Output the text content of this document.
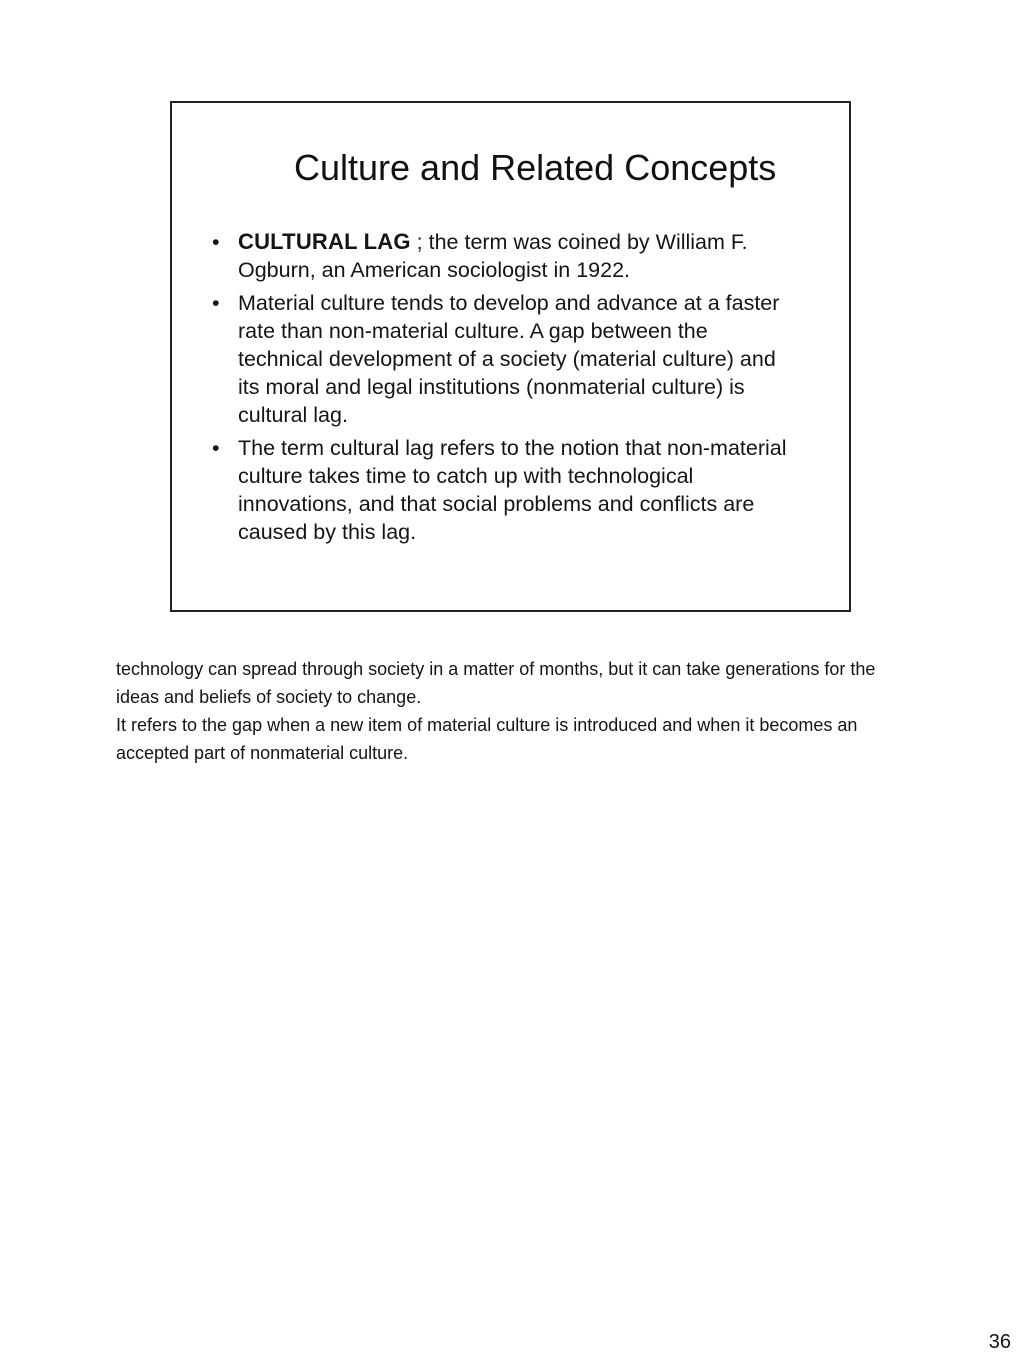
Culture and Related Concepts
• CULTURAL LAG ; the term was coined by William F. Ogburn, an American sociologist in 1922.
• Material culture tends to develop and advance at a faster rate than non-material culture. A gap between the technical development of a society (material culture) and its moral and legal institutions (nonmaterial culture) is cultural lag.
• The term cultural lag refers to the notion that non-material culture takes time to catch up with technological innovations, and that social problems and conflicts are caused by this lag.

technology can spread through society in a matter of months, but it can take generations for the ideas and beliefs of society to change.

It refers to the gap when a new item of material culture is introduced and when it becomes an accepted part of nonmaterial culture.

36
